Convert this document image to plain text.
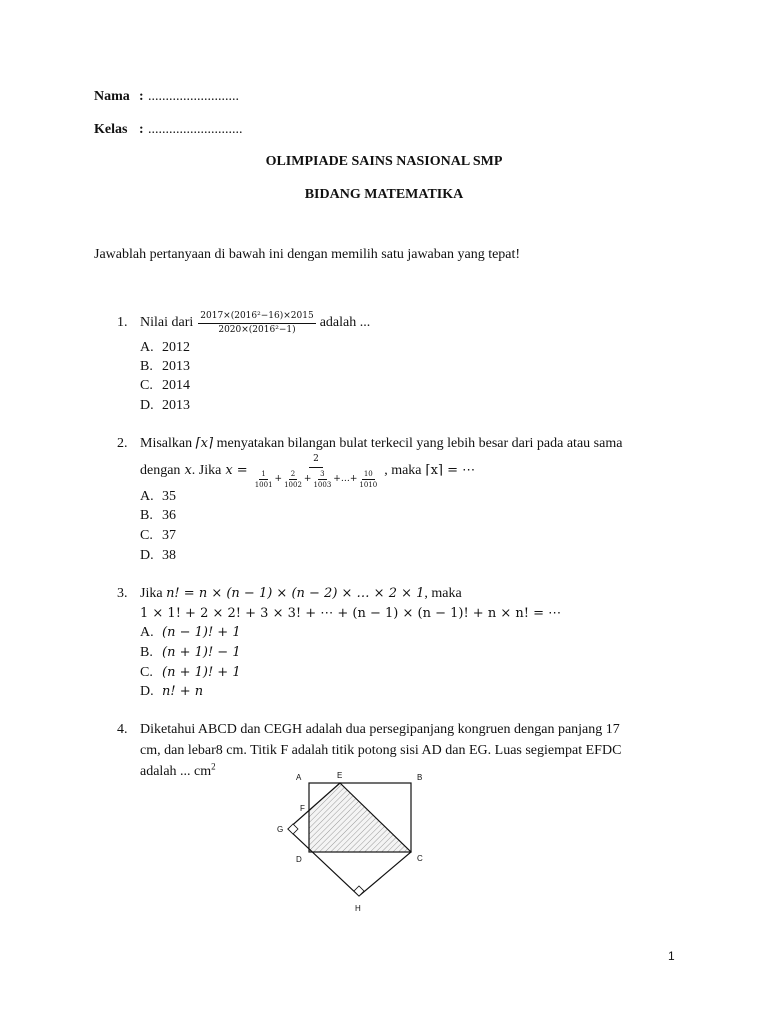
Nama : ..........................
Kelas : ...........................
OLIMPIADE SAINS NASIONAL SMP
BIDANG MATEMATIKA
Jawablah pertanyaan di bawah ini dengan memilih satu jawaban yang tepat!
1. Nilai dari $\frac{\text{2017×(2016²−16)×2015}}{\text{2020×(2016²−1)}}$ adalah ...
A. 2012
B. 2013
C. 2014
D. 2013
2. Misalkan ⌈x⌉ menyatakan bilangan bulat terkecil yang lebih besar dari pada atau sama
dengan x . Jika x =
2
$\frac{1}{1001} + \frac{2}{1002} + \frac{3}{1003}$ + … + $\frac{10}{1010}$ , maka ⌈x⌉ = ⋯
A. 35
B. 36
C. 37
D. 38
3. Jika n! = n × (n − 1) × (n − 2) × … × 2 × 1, maka
1 × 1! + 2 × 2! + 3 × 3! + ⋯ + (n − 1) × (n − 1)! + n × n! = ⋯
A. (n − 1)! + 1
B. (n + 1)! − 1
C. (n + 1)! + 1
D. n! + n
4. Diketahui ABCD dan CEGH adalah dua persegipanjang kongruen dengan panjang 17
cm, dan lebar8 cm. Titik F adalah titik potong sisi AD dan EG. Luas segiempat EFDC
adalah ... $cm^2$
A	E	B
F
G
D	C
H
1
